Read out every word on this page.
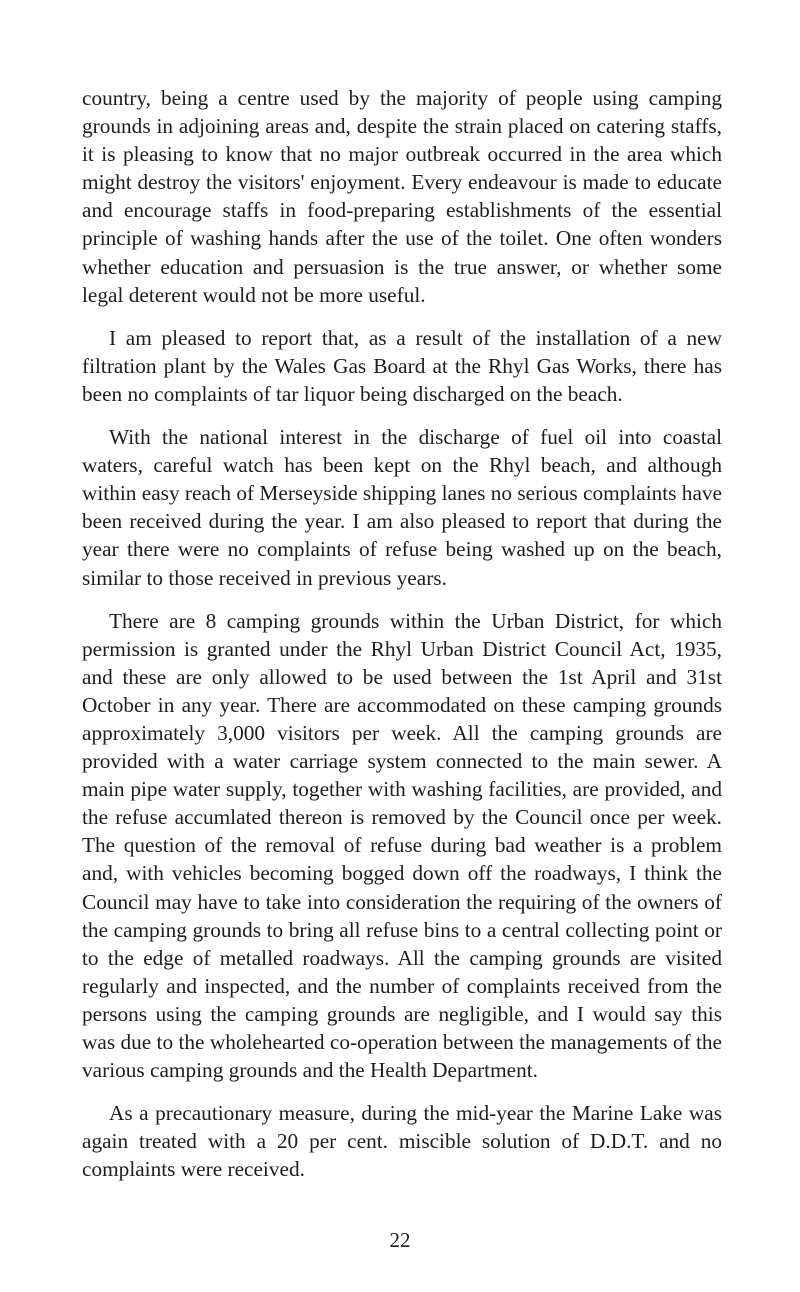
country, being a centre used by the majority of people using camping grounds in adjoining areas and, despite the strain placed on catering staffs, it is pleasing to know that no major outbreak occurred in the area which might destroy the visitors' enjoyment. Every endeavour is made to educate and encourage staffs in food-preparing establishments of the essential principle of washing hands after the use of the toilet. One often wonders whether education and persuasion is the true answer, or whether some legal deterent would not be more useful.

I am pleased to report that, as a result of the installation of a new filtration plant by the Wales Gas Board at the Rhyl Gas Works, there has been no complaints of tar liquor being discharged on the beach.

With the national interest in the discharge of fuel oil into coastal waters, careful watch has been kept on the Rhyl beach, and although within easy reach of Merseyside shipping lanes no serious complaints have been received during the year. I am also pleased to report that during the year there were no complaints of refuse being washed up on the beach, similar to those received in previous years.

There are 8 camping grounds within the Urban District, for which permission is granted under the Rhyl Urban District Council Act, 1935, and these are only allowed to be used between the 1st April and 31st October in any year. There are accommodated on these camping grounds approximately 3,000 visitors per week. All the camping grounds are provided with a water carriage system connected to the main sewer. A main pipe water supply, together with washing facilities, are provided, and the refuse accumlated thereon is removed by the Council once per week. The question of the removal of refuse during bad weather is a problem and, with vehicles becoming bogged down off the roadways, I think the Council may have to take into consideration the requiring of the owners of the camping grounds to bring all refuse bins to a central collecting point or to the edge of metalled roadways. All the camping grounds are visited regularly and inspected, and the number of complaints received from the persons using the camping grounds are negligible, and I would say this was due to the wholehearted co-operation between the managements of the various camping grounds and the Health Department.

As a precautionary measure, during the mid-year the Marine Lake was again treated with a 20 per cent. miscible solution of D.D.T. and no complaints were received.

22
